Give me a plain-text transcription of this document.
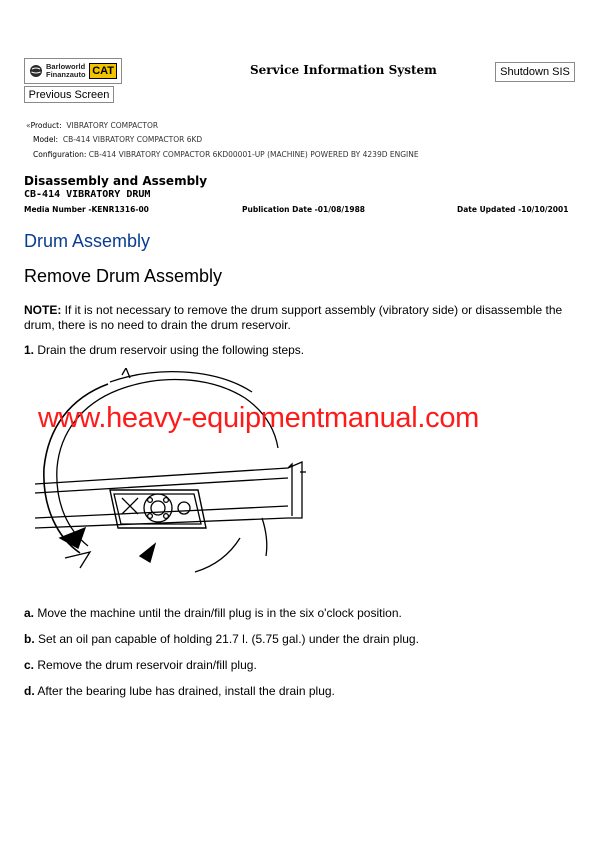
Barloworld
Finanzauto CAT	Service Information System	Shutdown SIS
Previous Screen
«Product: VIBRATORY COMPACTOR
Model: CB-414 VIBRATORY COMPACTOR 6KD
Configuration: CB-414 VIBRATORY COMPACTOR 6KD00001-UP (MACHINE) POWERED BY 4239D ENGINE
Disassembly and Assembly
CB-414 VIBRATORY DRUM
Media Number -KENR1316-00	Publication Date -01/08/1988	Date Updated -10/10/2001
Drum Assembly
Remove Drum Assembly
NOTE: If it is not necessary to remove the drum support assembly (vibratory side) or disassemble the drum, there is no need to drain the drum reservoir.
1. Drain the drum reservoir using the following steps.
www.heavy-equipmentmanual.com
a. Move the machine until the drain/fill plug is in the six o'clock position.
b. Set an oil pan capable of holding 21.7 l. (5.75 gal.) under the drain plug.
c. Remove the drum reservoir drain/fill plug.
d. After the bearing lube has drained, install the drain plug.
